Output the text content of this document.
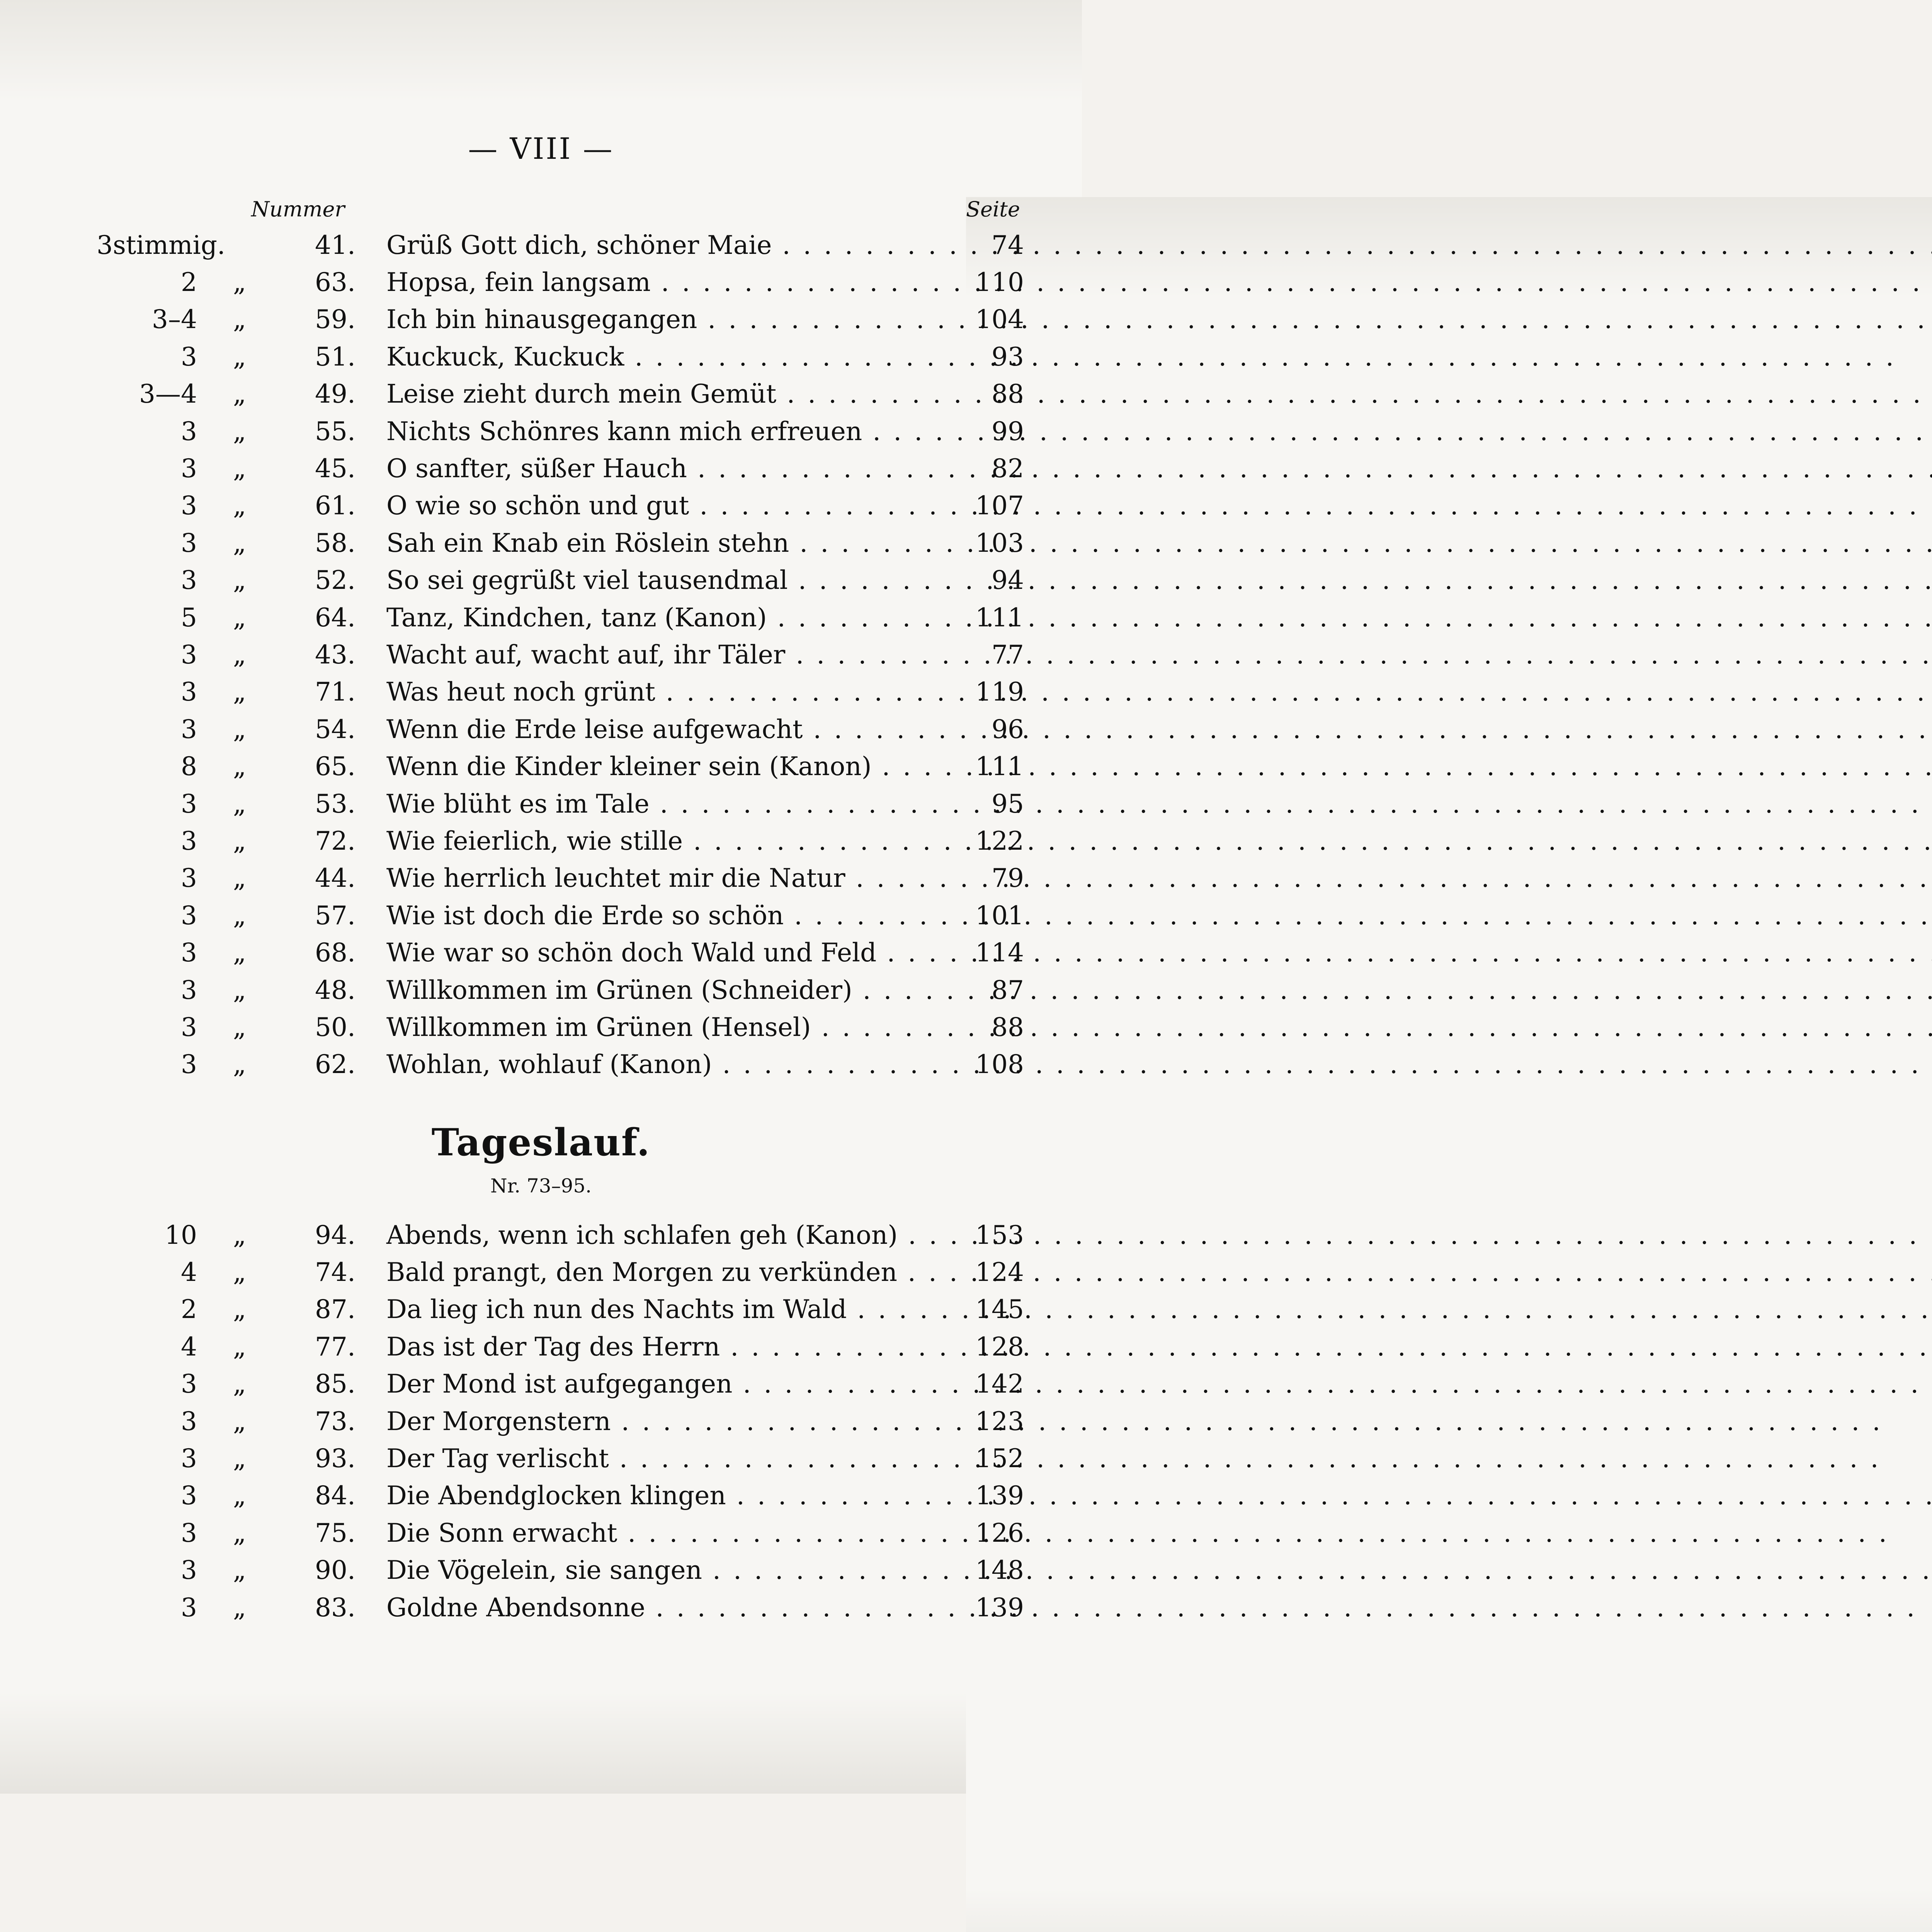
— VIII —
Nummer	Seite
3stimmig.		41.	Grüß Gott dich, schöner Maie . . .	74
2	„	63.	Hopsa, fein langsam . . .	110
3–4	„	59.	Ich bin hinausgegangen . . .	104
3	„	51.	Kuckuck, Kuckuck . . .	93
3—4	„	49.	Leise zieht durch mein Gemüt . . .	88
3	„	55.	Nichts Schönres kann mich erfreuen . . .	99
3	„	45.	O sanfter, süßer Hauch . . .	82
3	„	61.	O wie so schön und gut . . .	107
3	„	58.	Sah ein Knab ein Röslein stehn . . .	103
3	„	52.	So sei gegrüßt viel tausendmal . . .	94
5	„	64.	Tanz, Kindchen, tanz (Kanon) . . .	111
3	„	43.	Wacht auf, wacht auf, ihr Täler . . .	77
3	„	71.	Was heut noch grünt . . .	119
3	„	54.	Wenn die Erde leise aufgewacht . . .	96
8	„	65.	Wenn die Kinder kleiner sein (Kanon) . . .	111
3	„	53.	Wie blüht es im Tale . . .	95
3	„	72.	Wie feierlich, wie stille . . .	122
3	„	44.	Wie herrlich leuchtet mir die Natur . . .	79
3	„	57.	Wie ist doch die Erde so schön . . .	101
3	„	68.	Wie war so schön doch Wald und Feld . . .	114
3	„	48.	Willkommen im Grünen (Schneider) . . .	87
3	„	50.	Willkommen im Grünen (Hensel) . . .	88
3	„	62.	Wohlan, wohlauf (Kanon) . . .	108
Tageslauf.
Nr. 73–95.
10	„	94.	Abends, wenn ich schlafen geh (Kanon) . . .	153
4	„	74.	Bald prangt, den Morgen zu verkünden . . .	124
2	„	87.	Da lieg ich nun des Nachts im Wald . . .	145
4	„	77.	Das ist der Tag des Herrn . . .	128
3	„	85.	Der Mond ist aufgegangen . . .	142
3	„	73.	Der Morgenstern . . .	123
3	„	93.	Der Tag verlischt . . .	152
3	„	84.	Die Abendglocken klingen . . .	139
3	„	75.	Die Sonn erwacht . . .	126
3	„	90.	Die Vögelein, sie sangen . . .	148
3	„	83.	Goldne Abendsonne . . .	139
